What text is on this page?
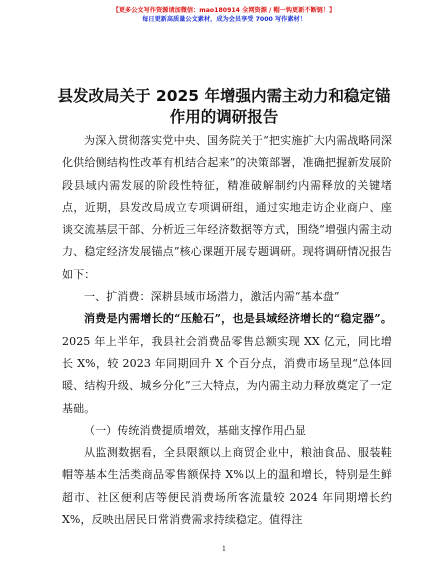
【更多公文写作资源请加微信：mao180914 全网资源 / 帽一钩更新不断链！】
每日更新高质量公文素材，成为会员享受 7000 写作素材！
县发改局关于 2025 年增强内需主动力和稳定锚
作用的调研报告

为深入贯彻落实党中央、国务院关于“把实施扩大内需战略同深化供给侧结构性改革有机结合起来”的决策部署，准确把握新发展阶段县域内需发展的阶段性特征，精准破解制约内需释放的关键堵点，近期，县发改局成立专项调研组，通过实地走访企业商户、座谈交流基层干部、分析近三年经济数据等方式，围绕“增强内需主动力、稳定经济发展锚点”核心课题开展专题调研。现将调研情况报告如下：

一、扩消费：深耕县域市场潜力，激活内需“基本盘”

消费是内需增长的“压舱石”，也是县域经济增长的“稳定器”。2025 年上半年，我县社会消费品零售总额实现 XX 亿元，同比增长 X%，较 2023 年同期回升 X 个百分点，消费市场呈现“总体回暖、结构升级、城乡分化”三大特点，为内需主动力释放奠定了一定基础。

（一）传统消费提质增效，基础支撑作用凸显

从监测数据看，全县限额以上商贸企业中，粮油食品、服装鞋帽等基本生活类商品零售额保持 X%以上的温和增长，特别是生鲜超市、社区便利店等便民消费场所客流量较 2024 年同期增长约 X%，反映出居民日常消费需求持续稳定。值得注

1
